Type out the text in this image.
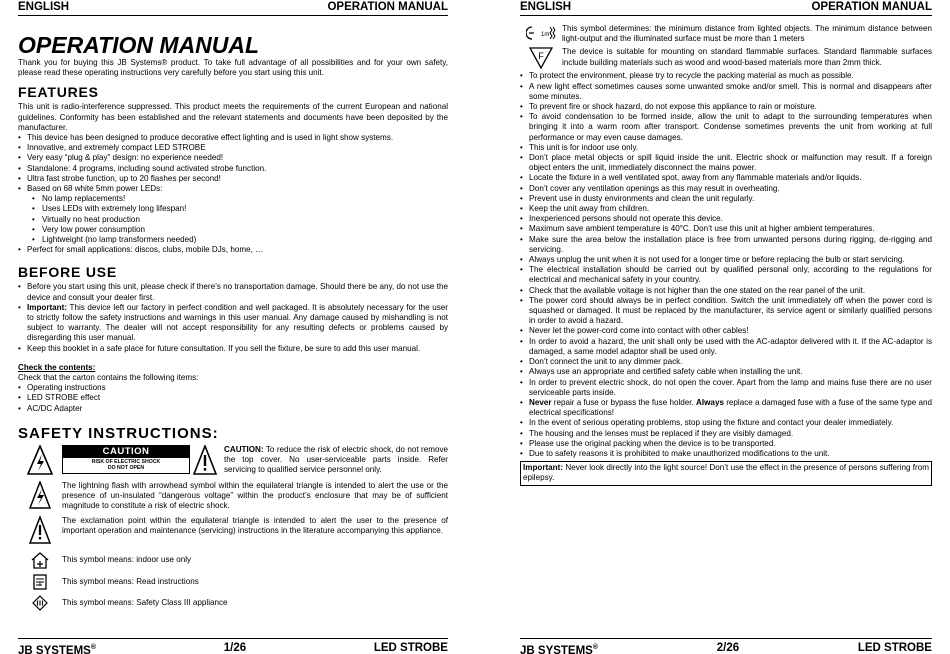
ENGLISH	OPERATION MANUAL
OPERATION MANUAL

Thank you for buying this JB Systems® product. To take full advantage of all possibilities and for your own safety, please read these operating instructions very carefully before you start using this unit.

FEATURES

This unit is radio-interference suppressed. This product meets the requirements of the current European and national guidelines. Conformity has been established and the relevant statements and documents have been deposited by the manufacturer.

• This device has been designed to produce decorative effect lighting and is used in light show systems.
• Innovative, and extremely compact LED STROBE
• Very easy “plug & play” design: no experience needed!
• Standalone: 4 programs, including sound activated strobe function.
• Ultra fast strobe function, up to 20 flashes per second!
• Based on 68 white 5mm power LEDs:
• No lamp replacements!
• Uses LEDs with extremely long lifespan!
• Virtually no heat production
• Very low power consumption
• Lightweight (no lamp transformers needed)
• Perfect for small applications: discos, clubs, mobile DJs, home, …
BEFORE USE
• Before you start using this unit, please check if there’s no transportation damage. Should there be any, do not use the device and consult your dealer first.
• Important: This device left our factory in perfect condition and well packaged. It is absolutely necessary for the user to strictly follow the safety instructions and warnings in this user manual. Any damage caused by mishandling is not subject to warranty. The dealer will not accept responsibility for any resulting defects or problems caused by disregarding this user manual.
• Keep this booklet in a safe place for future consultation. If you sell the fixture, be sure to add this user manual.
Check the contents:

Check that the carton contains the following items:

• Operating instructions
• LED STROBE effect
• AC/DC Adapter
SAFETY INSTRUCTIONS:
CAUTION
RISK OF ELECTRIC SHOCK
DO NOT OPEN

CAUTION: To reduce the risk of electric shock, do not remove the top cover. No user-serviceable parts inside. Refer servicing to qualified service personnel only.

The lightning flash with arrowhead symbol within the equilateral triangle is intended to alert the use or the presence of un-insulated “dangerous voltage” within the product’s enclosure that may be of sufficient magnitude to constitute a risk of electric shock.

The exclamation point within the equilateral triangle is intended to alert the user to the presence of important operation and maintenance (servicing) instructions in the literature accompanying this appliance.

This symbol means: indoor use only

i	This symbol means: Read instructions

This symbol means: Safety Class III appliance

JB SYSTEMS®	1/26	LED STROBE
ENGLISH	OPERATION MANUAL
1m

This symbol determines: the minimum distance from lighted objects. The minimum distance between light-output and the illuminated surface must be more than 1 meters

F The device is suitable for mounting on standard flammable surfaces. Standard flammable surfaces include building materials such as wood and wood-based materials more than 2mm thick.

• To protect the environment, please try to recycle the packing material as much as possible.
• A new light effect sometimes causes some unwanted smoke and/or smell. This is normal and disappears after some minutes.
• To prevent fire or shock hazard, do not expose this appliance to rain or moisture.
• To avoid condensation to be formed inside, allow the unit to adapt to the surrounding temperatures when bringing it into a warm room after transport. Condense sometimes prevents the unit from working at full performance or may even cause damages.
• This unit is for indoor use only.
• Don’t place metal objects or spill liquid inside the unit. Electric shock or malfunction may result. If a foreign object enters the unit, immediately disconnect the mains power.
• Locate the fixture in a well ventilated spot, away from any flammable materials and/or liquids.
• Don’t cover any ventilation openings as this may result in overheating.
• Prevent use in dusty environments and clean the unit regularly.
• Keep the unit away from children.
• Inexperienced persons should not operate this device.
• Maximum save ambient temperature is 40°C. Don’t use this unit at higher ambient temperatures.
• Make sure the area below the installation place is free from unwanted persons during rigging, de-rigging and servicing.
• Always unplug the unit when it is not used for a longer time or before replacing the bulb or start servicing.
• The electrical installation should be carried out by qualified personal only, according to the regulations for electrical and mechanical safety in your country.
• Check that the available voltage is not higher than the one stated on the rear panel of the unit.
• The power cord should always be in perfect condition. Switch the unit immediately off when the power cord is squashed or damaged. It must be replaced by the manufacturer, its service agent or similarly qualified persons in order to avoid a hazard.
• Never let the power-cord come into contact with other cables!
• In order to avoid a hazard, the unit shall only be used with the AC-adaptor delivered with it. If the AC-adaptor is damaged, a same model adaptor shall be used only.
• Don’t connect the unit to any dimmer pack.
• Always use an appropriate and certified safety cable when installing the unit.
• In order to prevent electric shock, do not open the cover. Apart from the lamp and mains fuse there are no user serviceable parts inside.
• Never repair a fuse or bypass the fuse holder. Always replace a damaged fuse with a fuse of the same type and electrical specifications!
• In the event of serious operating problems, stop using the fixture and contact your dealer immediately.
• The housing and the lenses must be replaced if they are visibly damaged.
• Please use the original packing when the device is to be transported.
• Due to safety reasons it is prohibited to make unauthorized modifications to the unit.
Important: Never look directly into the light source! Don’t use the effect in the presence of persons suffering from epilepsy.
JB SYSTEMS®	2/26	LED STROBE
